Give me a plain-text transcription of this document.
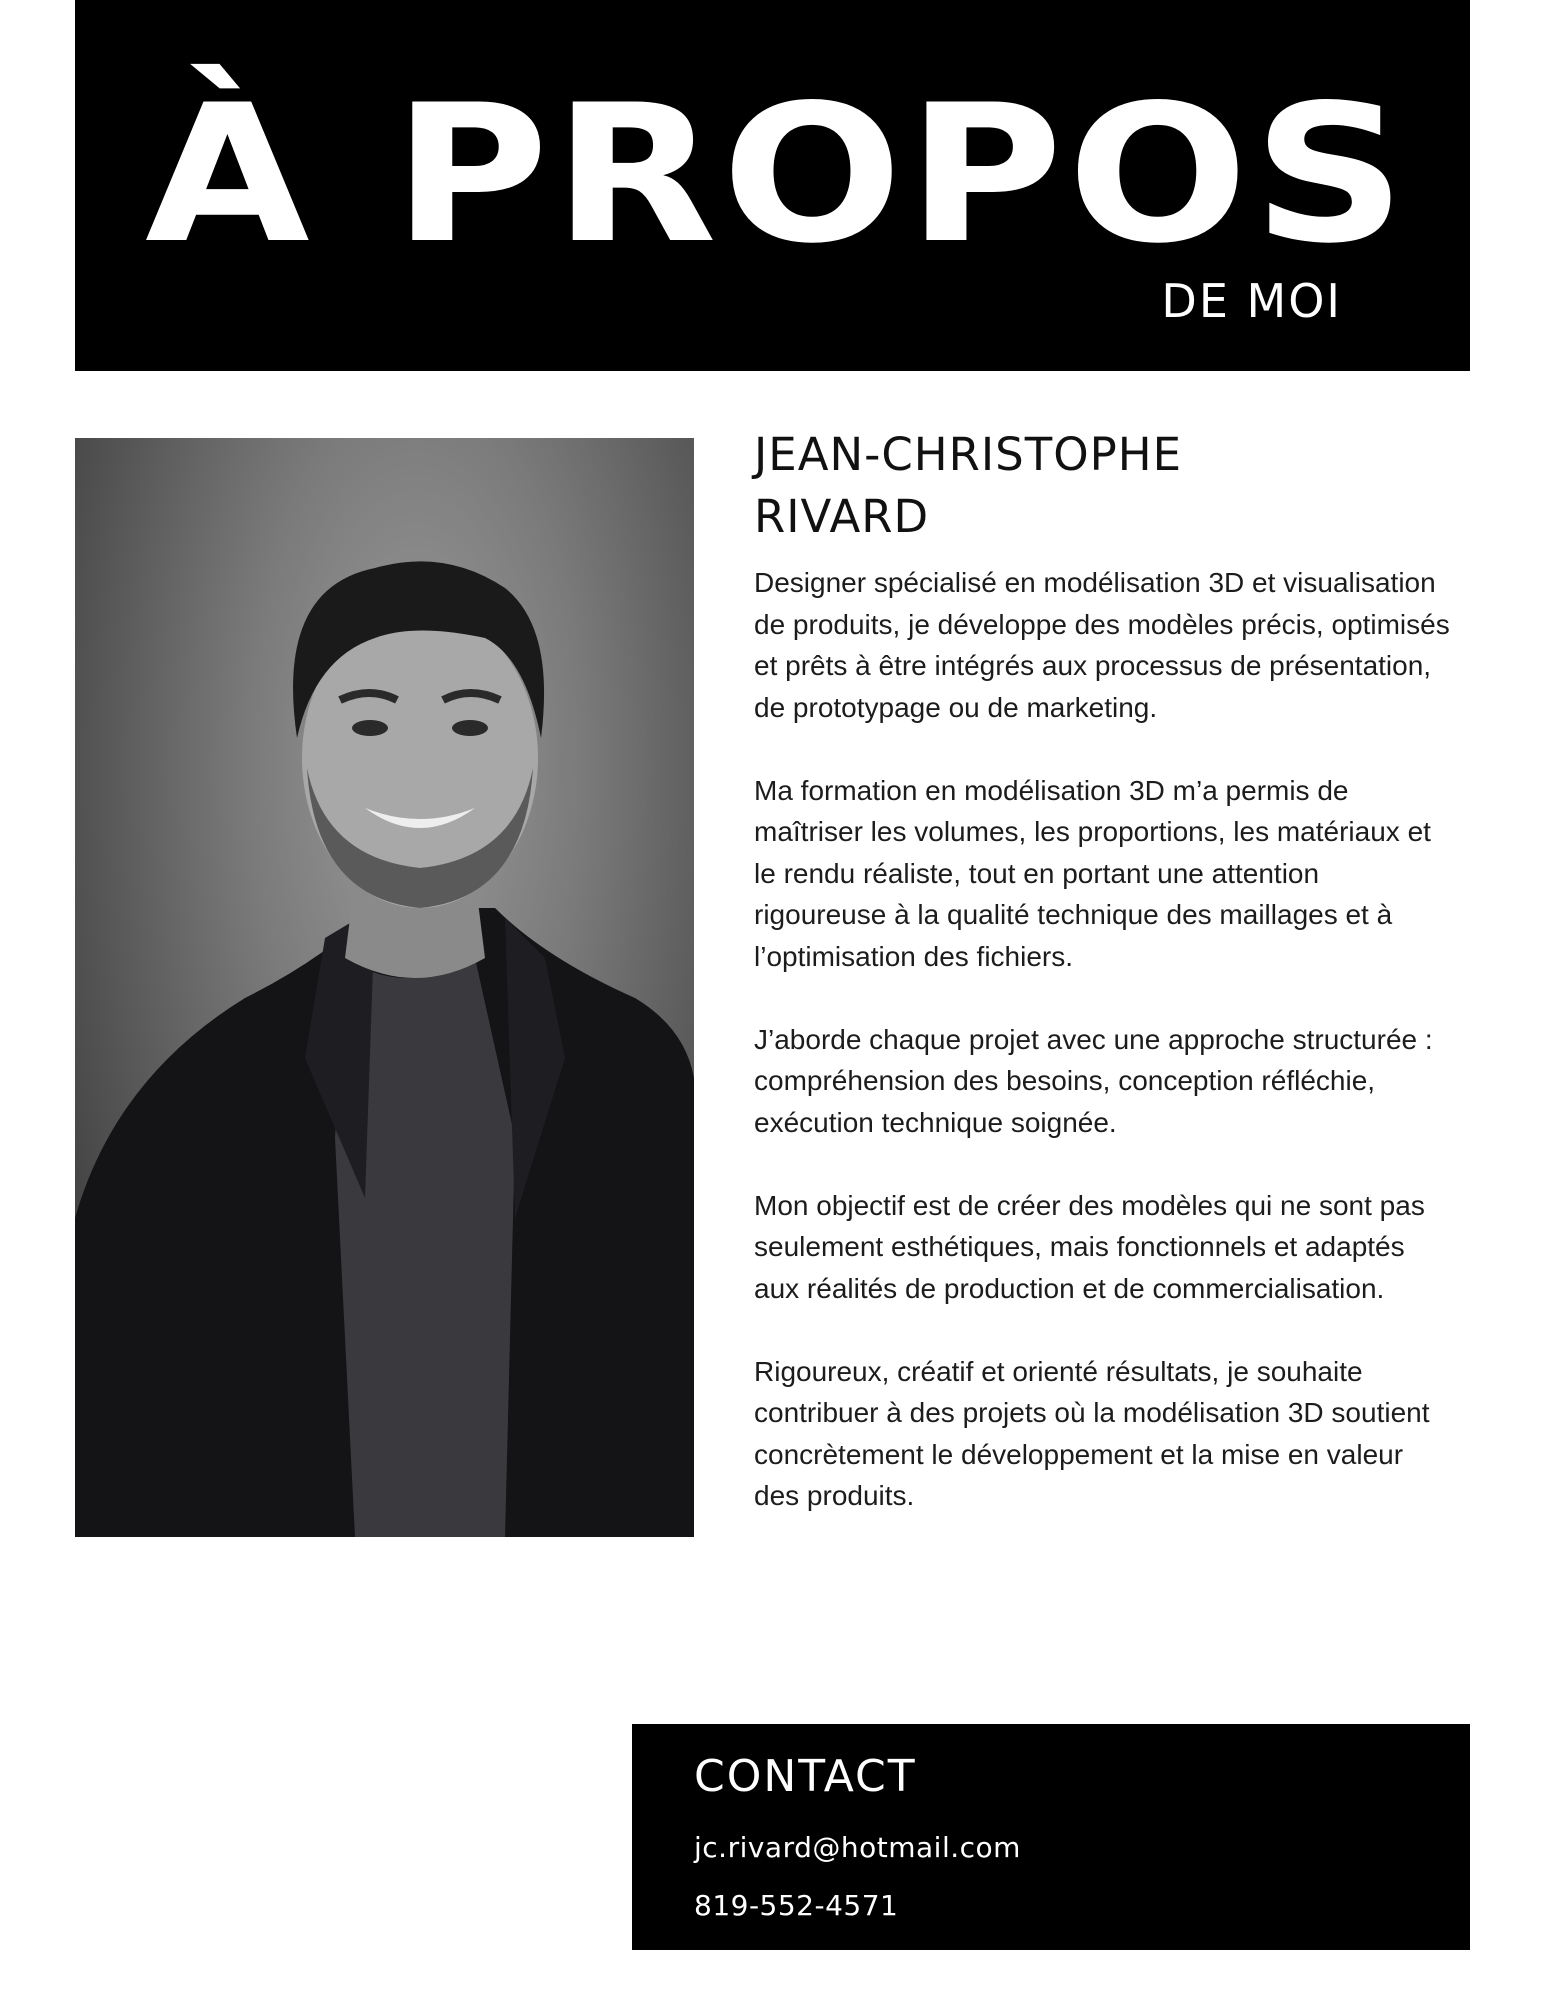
À PROPOS
DE MOI
JEAN-CHRISTOPHE
RIVARD

Designer spécialisé en modélisation 3D et visualisation de produits, je développe des modèles précis, optimisés et prêts à être intégrés aux processus de présentation, de prototypage ou de marketing.

Ma formation en modélisation 3D m’a permis de maîtriser les volumes, les proportions, les matériaux et le rendu réaliste, tout en portant une attention rigoureuse à la qualité technique des maillages et à l’optimisation des fichiers.

J’aborde chaque projet avec une approche structurée : compréhension des besoins, conception réfléchie, exécution technique soignée.

Mon objectif est de créer des modèles qui ne sont pas seulement esthétiques, mais fonctionnels et adaptés aux réalités de production et de commercialisation.

Rigoureux, créatif et orienté résultats, je souhaite contribuer à des projets où la modélisation 3D soutient concrètement le développement et la mise en valeur des produits.

CONTACT
jc.rivard@hotmail.com
819-552-4571
